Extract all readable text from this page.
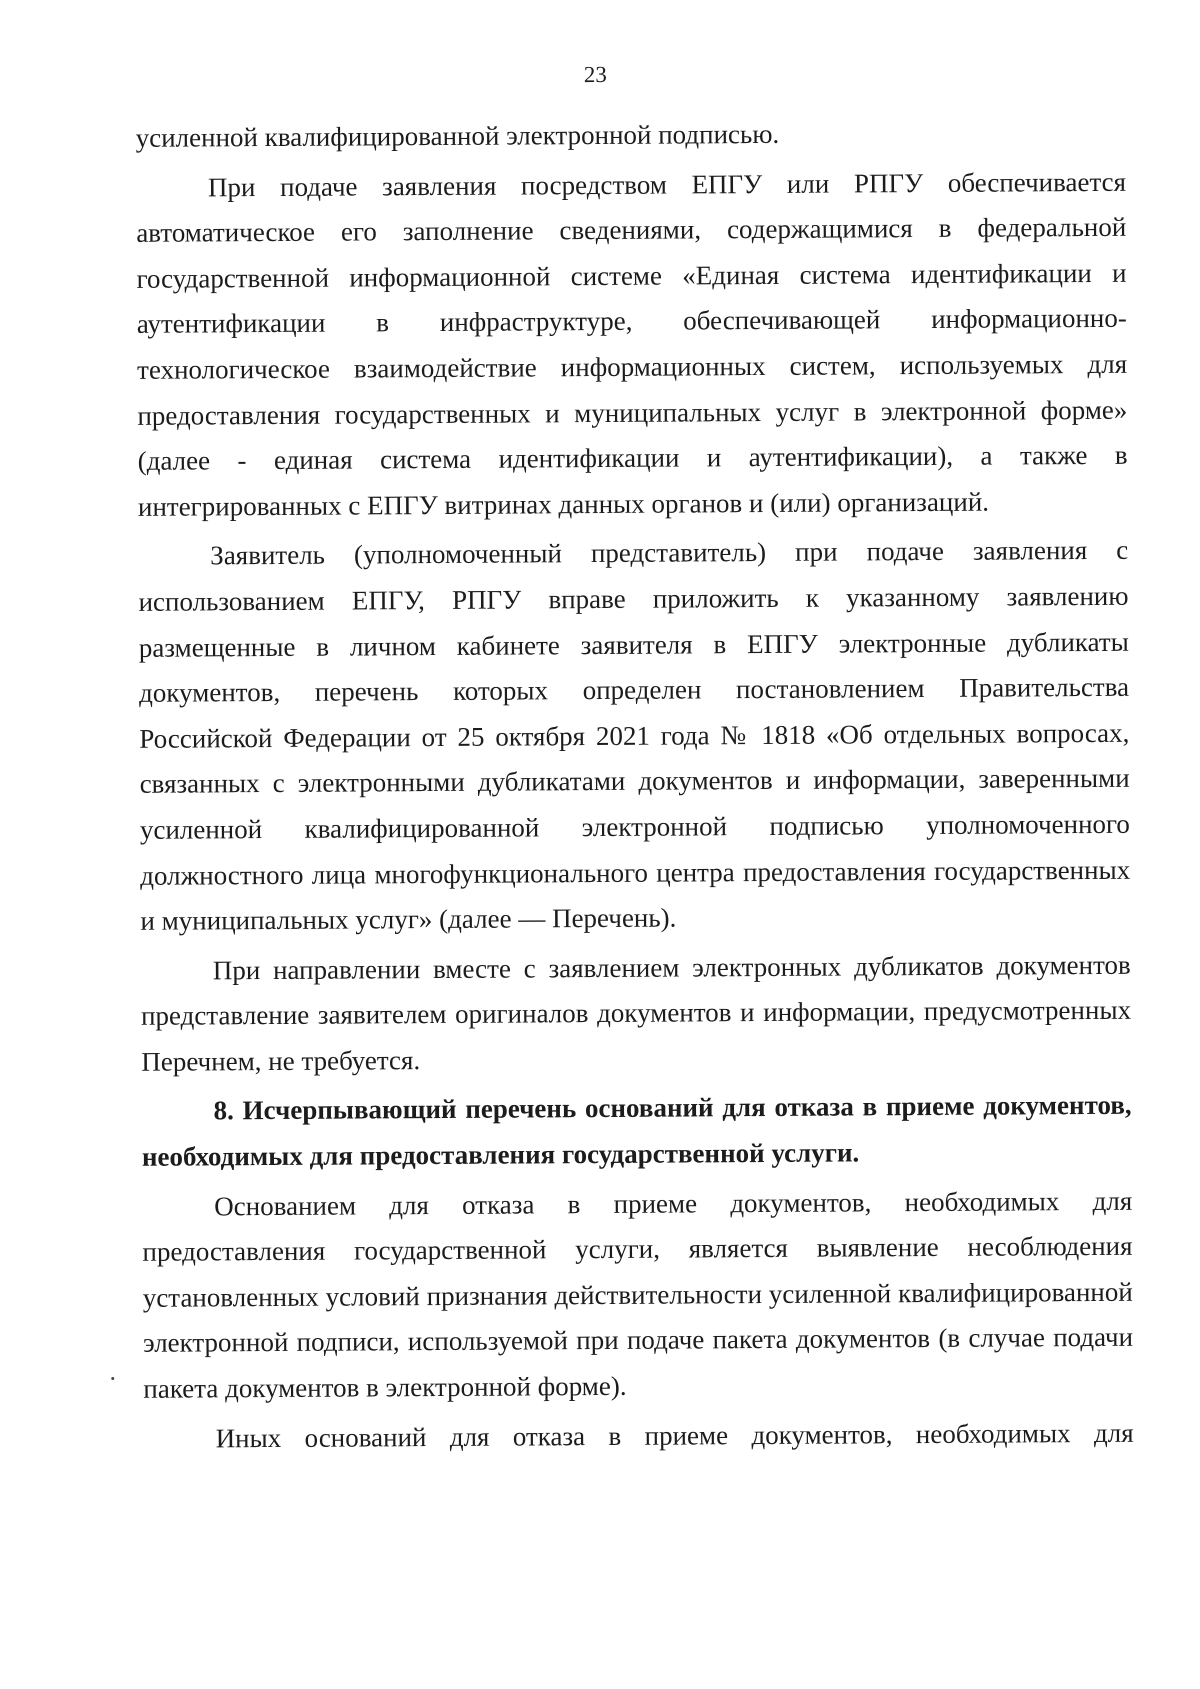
23

усиленной квалифицированной электронной подписью.

При подаче заявления посредством ЕПГУ или РПГУ обеспечивается автоматическое его заполнение сведениями, содержащимися в федеральной государственной информационной системе «Единая система идентификации и аутентификации в инфраструктуре, обеспечивающей информационно-технологическое взаимодействие информационных систем, используемых для предоставления государственных и муниципальных услуг в электронной форме» (далее - единая система идентификации и аутентификации), а также в интегрированных с ЕПГУ витринах данных органов и (или) организаций.

Заявитель (уполномоченный представитель) при подаче заявления с использованием ЕПГУ, РПГУ вправе приложить к указанному заявлению размещенные в личном кабинете заявителя в ЕПГУ электронные дубликаты документов, перечень которых определен постановлением Правительства Российской Федерации от 25 октября 2021 года № 1818 «Об отдельных вопросах, связанных с электронными дубликатами документов и информации, заверенными усиленной квалифицированной электронной подписью уполномоченного должностного лица многофункционального центра предоставления государственных и муниципальных услуг» (далее — Перечень).

При направлении вместе с заявлением электронных дубликатов документов представление заявителем оригиналов документов и информации, предусмотренных Перечнем, не требуется.

8. Исчерпывающий перечень оснований для отказа в приеме документов, необходимых для предоставления государственной услуги.

Основанием для отказа в приеме документов, необходимых для предоставления государственной услуги, является выявление несоблюдения установленных условий признания действительности усиленной квалифицированной электронной подписи, используемой при подаче пакета документов (в случае подачи пакета документов в электронной форме).

Иных оснований для отказа в приеме документов, необходимых для
